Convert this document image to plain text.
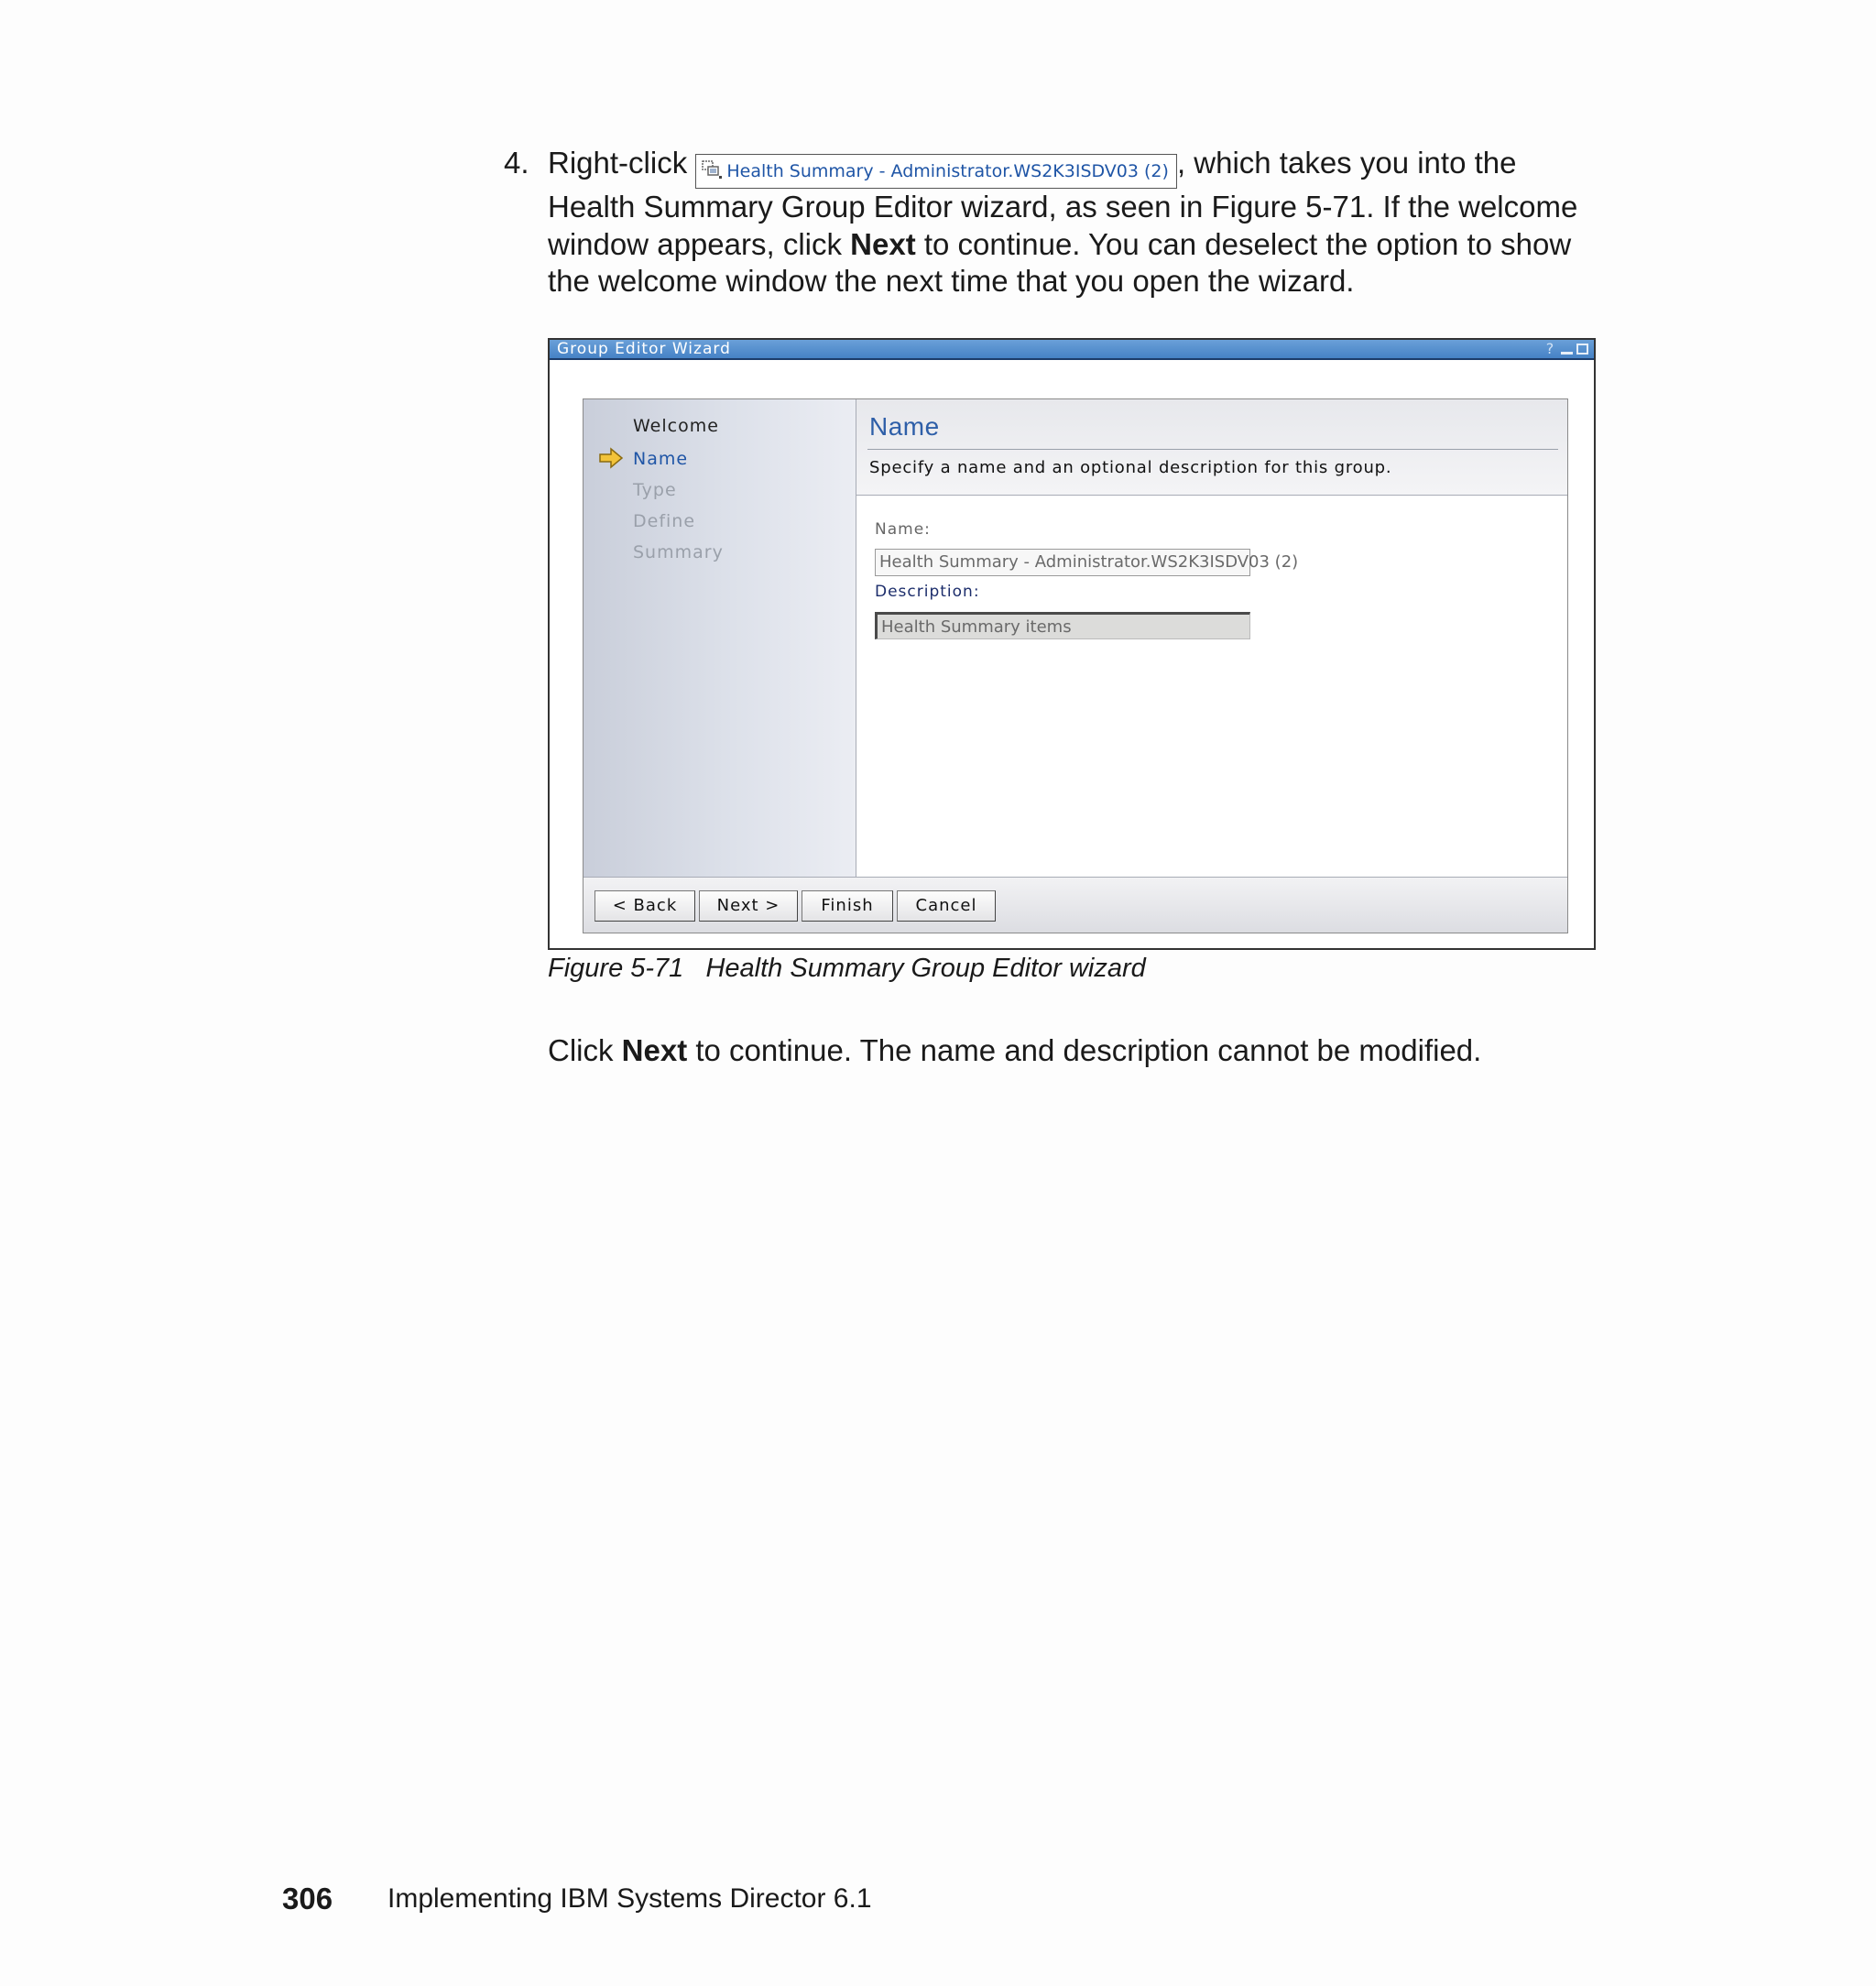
4. Right-click Health Summary - Administrator.WS2K3ISDV03 (2) , which takes you into the Health Summary Group Editor wizard, as seen in Figure 5-71. If the welcome window appears, click Next to continue. You can deselect the option to show the welcome window the next time that you open the wizard.
Group Editor Wizard	?
Welcome
Name
Type
Define
Summary
Name
Specify a name and an optional description for this group.
Name:
Health Summary - Administrator.WS2K3ISDV03 (2)
Description:
Health Summary items
< Back	Next >	Finish	Cancel
Figure 5-71 Health Summary Group Editor wizard
Click Next to continue. The name and description cannot be modified.
306 Implementing IBM Systems Director 6.1
